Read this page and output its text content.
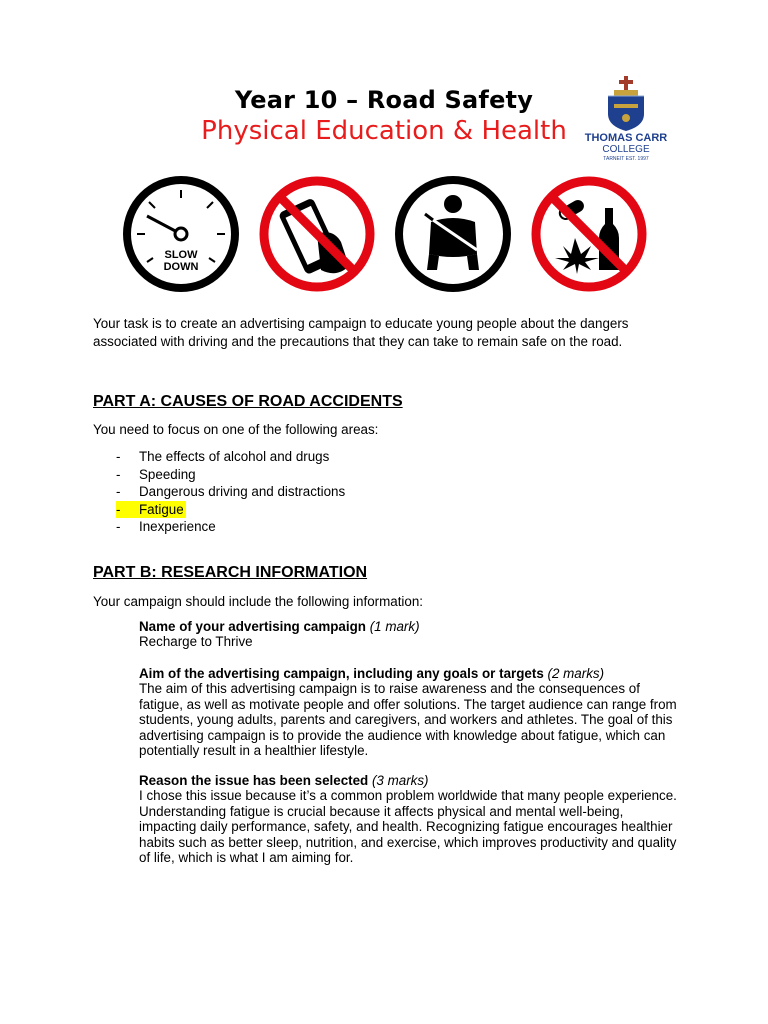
Year 10 – Road Safety
Physical Education & Health	THOMAS CARR
COLLEGE
TARNEIT EST. 1997
SLOW
DOWN

Your task is to create an advertising campaign to educate young people about the dangers associated with driving and the precautions that they can take to remain safe on the road.

PART A: CAUSES OF ROAD ACCIDENTS
You need to focus on one of the following areas:
-	The effects of alcohol and drugs
-	Speeding
-	Dangerous driving and distractions
-	Fatigue
-	Inexperience
PART B: RESEARCH INFORMATION
Your campaign should include the following information:
Name of your advertising campaign (1 mark)
Recharge to Thrive
Aim of the advertising campaign, including any goals or targets (2 marks)
The aim of this advertising campaign is to raise awareness and the consequences of fatigue, as well as motivate people and offer solutions. The target audience can range from students, young adults, parents and caregivers, and workers and athletes. The goal of this advertising campaign is to provide the audience with knowledge about fatigue, which can potentially result in a healthier lifestyle.
Reason the issue has been selected (3 marks)
I chose this issue because it’s a common problem worldwide that many people experience. Understanding fatigue is crucial because it affects physical and mental well-being, impacting daily performance, safety, and health. Recognizing fatigue encourages healthier habits such as better sleep, nutrition, and exercise, which improves productivity and quality of life, which is what I am aiming for.
